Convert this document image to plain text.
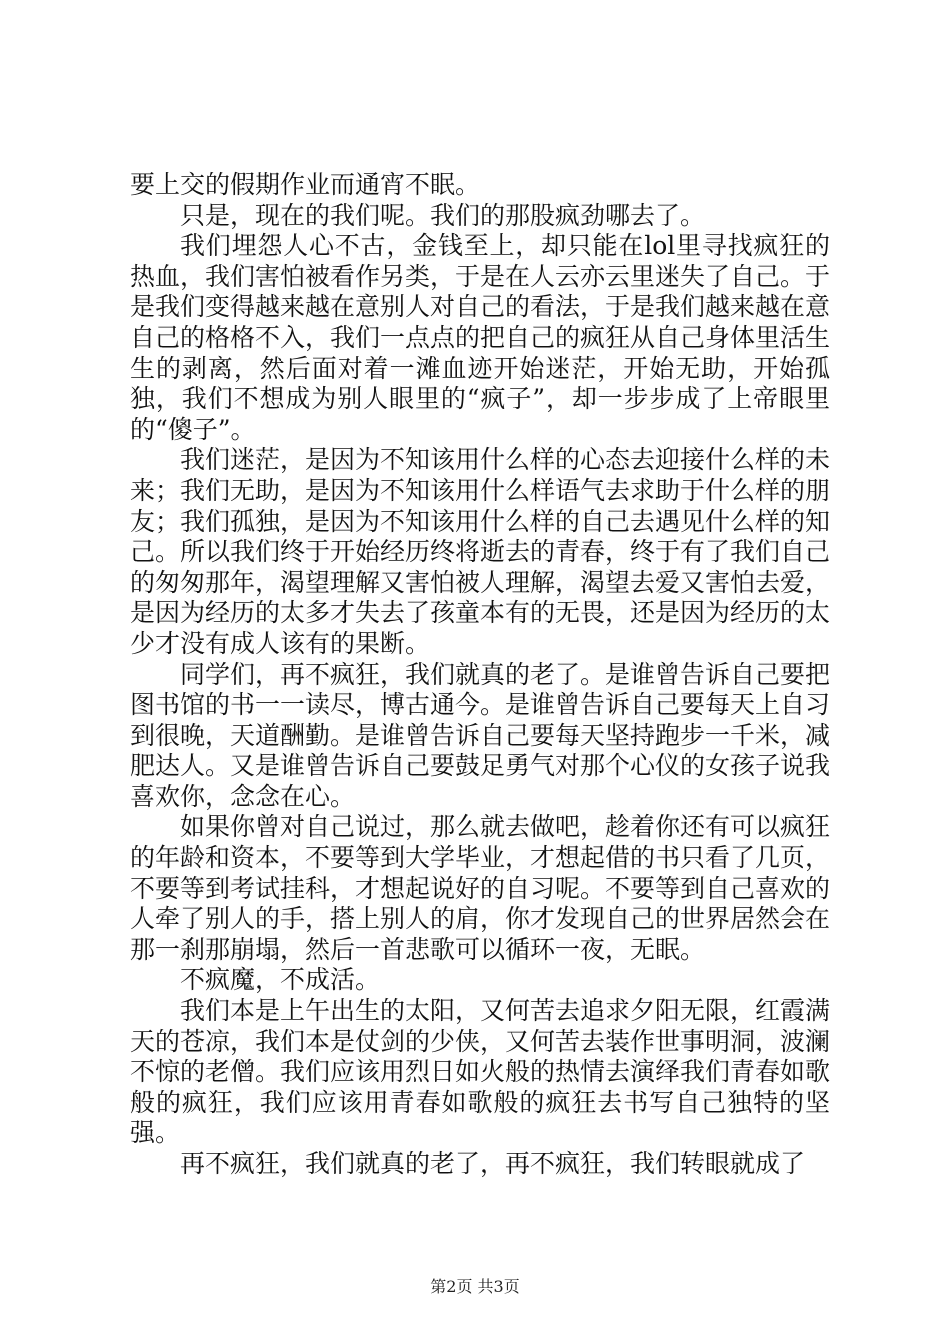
要上交的假期作业而通宵不眠。

只是，现在的我们呢。我们的那股疯劲哪去了。

我们埋怨人心不古，金钱至上，却只能在lol里寻找疯狂的热血，我们害怕被看作另类，于是在人云亦云里迷失了自己。于是我们变得越来越在意别人对自己的看法，于是我们越来越在意自己的格格不入，我们一点点的把自己的疯狂从自己身体里活生生的剥离，然后面对着一滩血迹开始迷茫，开始无助，开始孤独，我们不想成为别人眼里的“疯子”，却一步步成了上帝眼里的“傻子”。

我们迷茫，是因为不知该用什么样的心态去迎接什么样的未来；我们无助，是因为不知该用什么样语气去求助于什么样的朋友；我们孤独，是因为不知该用什么样的自己去遇见什么样的知己。所以我们终于开始经历终将逝去的青春，终于有了我们自己的匆匆那年，渴望理解又害怕被人理解，渴望去爱又害怕去爱，是因为经历的太多才失去了孩童本有的无畏，还是因为经历的太少才没有成人该有的果断。

同学们，再不疯狂，我们就真的老了。是谁曾告诉自己要把图书馆的书一一读尽，博古通今。是谁曾告诉自己要每天上自习到很晚，天道酬勤。是谁曾告诉自己要每天坚持跑步一千米，减肥达人。又是谁曾告诉自己要鼓足勇气对那个心仪的女孩子说我喜欢你，念念在心。

如果你曾对自己说过，那么就去做吧，趁着你还有可以疯狂的年龄和资本，不要等到大学毕业，才想起借的书只看了几页，不要等到考试挂科，才想起说好的自习呢。不要等到自己喜欢的人牵了别人的手，搭上别人的肩，你才发现自己的世界居然会在那一刹那崩塌，然后一首悲歌可以循环一夜，无眠。

不疯魔，不成活。

我们本是上午出生的太阳，又何苦去追求夕阳无限，红霞满天的苍凉，我们本是仗剑的少侠，又何苦去装作世事明洞，波澜不惊的老僧。我们应该用烈日如火般的热情去演绎我们青春如歌般的疯狂，我们应该用青春如歌般的疯狂去书写自己独特的坚强。

再不疯狂，我们就真的老了，再不疯狂，我们转眼就成了

第2页 共3页
